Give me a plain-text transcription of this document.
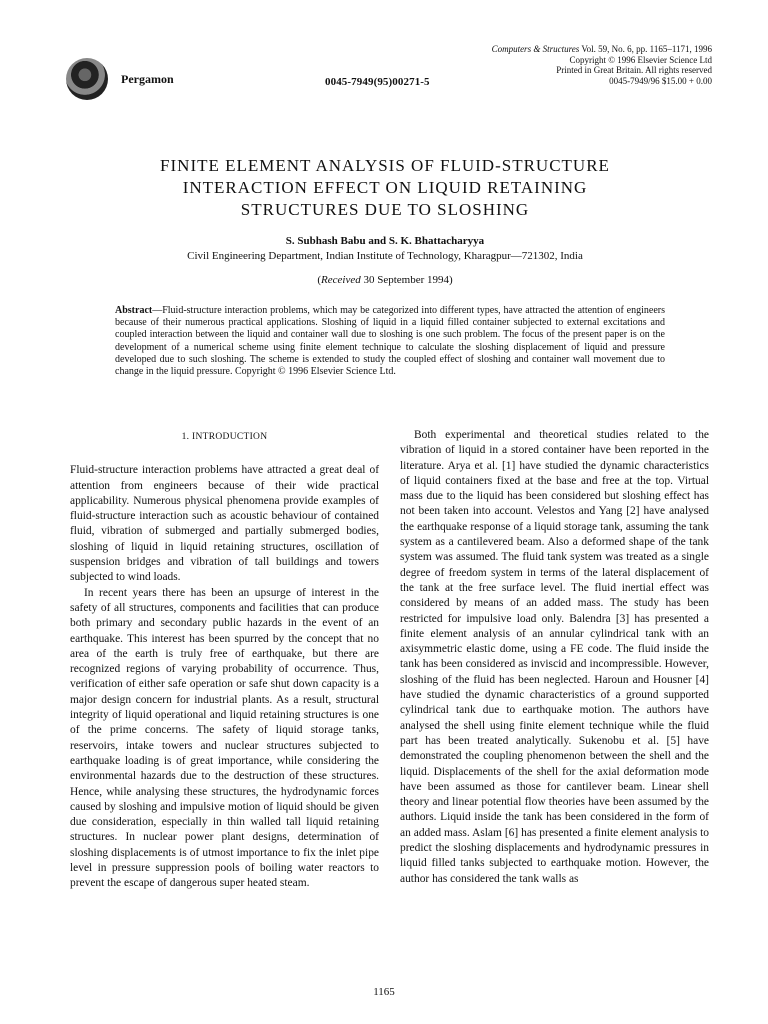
Pergamon	0045-7949(95)00271-5
Computers & Structures Vol. 59, No. 6, pp. 1165–1171, 1996
Copyright © 1996 Elsevier Science Ltd
Printed in Great Britain. All rights reserved
0045-7949/96 $15.00 + 0.00
FINITE ELEMENT ANALYSIS OF FLUID-STRUCTURE
INTERACTION EFFECT ON LIQUID RETAINING
STRUCTURES DUE TO SLOSHING
S. Subhash Babu and S. K. Bhattacharyya
Civil Engineering Department, Indian Institute of Technology, Kharagpur—721302, India
(Received 30 September 1994)
Abstract—Fluid-structure interaction problems, which may be categorized into different types, have attracted the attention of engineers because of their numerous practical applications. Sloshing of liquid in a liquid filled container subjected to external excitations and coupled interaction between the liquid and container wall due to sloshing is one such problem. The focus of the present paper is on the development of a numerical scheme using finite element technique to calculate the sloshing displacement of liquid and pressure developed due to such sloshing. The scheme is extended to study the coupled effect of sloshing and container wall movement due to change in the liquid pressure. Copyright © 1996 Elsevier Science Ltd.
1. INTRODUCTION

Fluid-structure interaction problems have attracted a great deal of attention from engineers because of their wide practical applicability. Numerous physical phenomena provide examples of fluid-structure interaction such as acoustic behaviour of contained fluid, vibration of submerged and partially submerged bodies, sloshing of liquid in liquid retaining structures, oscillation of suspension bridges and vibration of tall buildings and towers subjected to wind loads.

In recent years there has been an upsurge of interest in the safety of all structures, components and facilities that can produce both primary and secondary public hazards in the event of an earthquake. This interest has been spurred by the concept that no area of the earth is truly free of earthquake, but there are recognized regions of varying probability of occurrence. Thus, verification of either safe operation or safe shut down capacity is a major design concern for industrial plants. As a result, structural integrity of liquid operational and liquid retaining structures is one of the prime concerns. The safety of liquid storage tanks, reservoirs, intake towers and nuclear structures subjected to earthquake loading is of great importance, while considering the environmental hazards due to the destruction of these structures. Hence, while analysing these structures, the hydrodynamic forces caused by sloshing and impulsive motion of liquid should be given due consideration, especially in thin walled tall liquid retaining structures. In nuclear power plant designs, determination of sloshing displacements is of utmost importance to fix the inlet pipe level in pressure suppression pools of boiling water reactors to prevent the escape of dangerous super heated steam.

Both experimental and theoretical studies related to the vibration of liquid in a stored container have been reported in the literature. Arya et al. [1] have studied the dynamic characteristics of liquid containers fixed at the base and free at the top. Virtual mass due to the liquid has been considered but sloshing effect has not been taken into account. Velestos and Yang [2] have analysed the earthquake response of a liquid storage tank, assuming the tank system as a cantilevered beam. Also a deformed shape of the tank system was assumed. The fluid tank system was treated as a single degree of freedom system in terms of the lateral displacement of the tank at the free surface level. The fluid inertial effect was considered by means of an added mass. The study has been restricted for impulsive load only. Balendra [3] has presented a finite element analysis of an annular cylindrical tank with an axisymmetric elastic dome, using a FE code. The fluid inside the tank has been considered as inviscid and incompressible. However, sloshing of the fluid has been neglected. Haroun and Housner [4] have studied the dynamic characteristics of a ground supported cylindrical tank due to earthquake motion. The authors have analysed the shell using finite element technique while the fluid part has been treated analytically. Sukenobu et al. [5] have demonstrated the coupling phenomenon between the shell and the liquid. Displacements of the shell for the axial deformation mode have been assumed as those for cantilever beam. Linear shell theory and linear potential flow theories have been assumed by the authors. Liquid inside the tank has been considered in the form of an added mass. Aslam [6] has presented a finite element analysis to predict the sloshing displacements and hydrodynamic pressures in liquid filled tanks subjected to earthquake motion. However, the author has considered the tank walls as

1165
